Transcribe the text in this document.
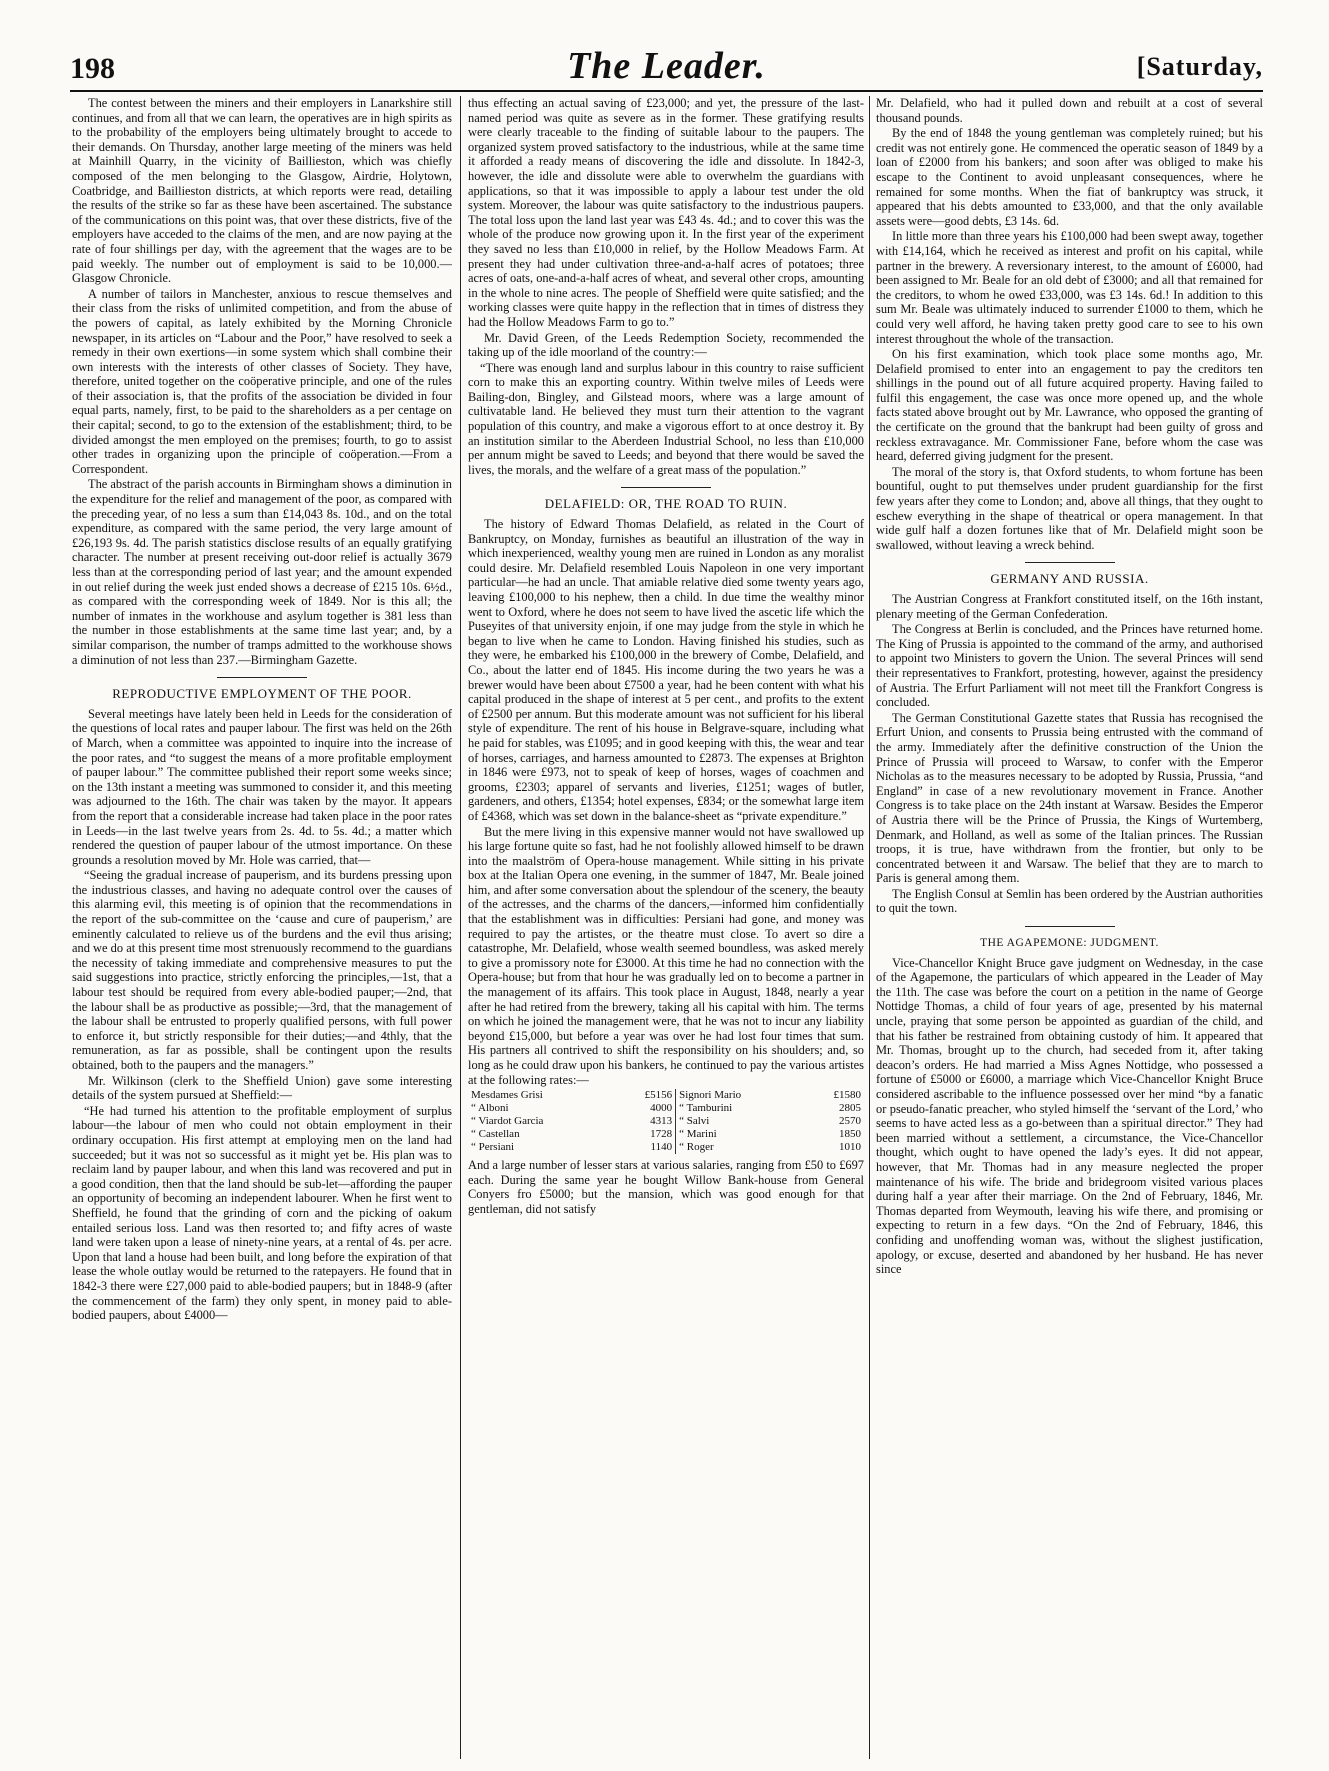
198	The Leader.	[Saturday,

The contest between the miners and their employers in Lanarkshire still continues, and from all that we can learn, the operatives are in high spirits as to the probability of the employers being ultimately brought to accede to their demands. On Thursday, another large meeting of the miners was held at Mainhill Quarry, in the vicinity of Baillieston, which was chiefly composed of the men belonging to the Glasgow, Airdrie, Holytown, Coatbridge, and Baillieston districts, at which reports were read, detailing the results of the strike so far as these have been ascertained. The substance of the communications on this point was, that over these districts, five of the employers have acceded to the claims of the men, and are now paying at the rate of four shillings per day, with the agreement that the wages are to be paid weekly. The number out of employment is said to be 10,000.—Glasgow Chronicle.

A number of tailors in Manchester, anxious to rescue themselves and their class from the risks of unlimited competition, and from the abuse of the powers of capital, as lately exhibited by the Morning Chronicle newspaper, in its articles on “Labour and the Poor,” have resolved to seek a remedy in their own exertions—in some system which shall combine their own interests with the interests of other classes of Society. They have, therefore, united together on the coöperative principle, and one of the rules of their association is, that the profits of the association be divided in four equal parts, namely, first, to be paid to the shareholders as a per centage on their capital; second, to go to the extension of the establishment; third, to be divided amongst the men employed on the premises; fourth, to go to assist other trades in organizing upon the principle of coöperation.—From a Correspondent.

The abstract of the parish accounts in Birmingham shows a diminution in the expenditure for the relief and management of the poor, as compared with the preceding year, of no less a sum than £14,043 8s. 10d., and on the total expenditure, as compared with the same period, the very large amount of £26,193 9s. 4d. The parish statistics disclose results of an equally gratifying character. The number at present receiving out-door relief is actually 3679 less than at the corresponding period of last year; and the amount expended in out relief during the week just ended shows a decrease of £215 10s. 6½d., as compared with the corresponding week of 1849. Nor is this all; the number of inmates in the workhouse and asylum together is 381 less than the number in those establishments at the same time last year; and, by a similar comparison, the number of tramps admitted to the workhouse shows a diminution of not less than 237.—Birmingham Gazette.

REPRODUCTIVE EMPLOYMENT OF THE POOR.

Several meetings have lately been held in Leeds for the consideration of the questions of local rates and pauper labour. The first was held on the 26th of March, when a committee was appointed to inquire into the increase of the poor rates, and “to suggest the means of a more profitable employment of pauper labour.” The committee published their report some weeks since; on the 13th instant a meeting was summoned to consider it, and this meeting was adjourned to the 16th. The chair was taken by the mayor. It appears from the report that a considerable increase had taken place in the poor rates in Leeds—in the last twelve years from 2s. 4d. to 5s. 4d.; a matter which rendered the question of pauper labour of the utmost importance. On these grounds a resolution moved by Mr. Hole was carried, that—

“Seeing the gradual increase of pauperism, and its burdens pressing upon the industrious classes, and having no adequate control over the causes of this alarming evil, this meeting is of opinion that the recommendations in the report of the sub-committee on the ‘cause and cure of pauperism,’ are eminently calculated to relieve us of the burdens and the evil thus arising; and we do at this present time most strenuously recommend to the guardians the necessity of taking immediate and comprehensive measures to put the said suggestions into practice, strictly enforcing the principles,—1st, that a labour test should be required from every able-bodied pauper;—2nd, that the labour shall be as productive as possible;—3rd, that the management of the labour shall be entrusted to properly qualified persons, with full power to enforce it, but strictly responsible for their duties;—and 4thly, that the remuneration, as far as possible, shall be contingent upon the results obtained, both to the paupers and the managers.”

Mr. Wilkinson (clerk to the Sheffield Union) gave some interesting details of the system pursued at Sheffield:—

“He had turned his attention to the profitable employment of surplus labour—the labour of men who could not obtain employment in their ordinary occupation. His first attempt at employing men on the land had succeeded; but it was not so successful as it might yet be. His plan was to reclaim land by pauper labour, and when this land was recovered and put in a good condition, then that the land should be sub-let—affording the pauper an opportunity of becoming an independent labourer. When he first went to Sheffield, he found that the grinding of corn and the picking of oakum entailed serious loss. Land was then resorted to; and fifty acres of waste land were taken upon a lease of ninety-nine years, at a rental of 4s. per acre. Upon that land a house had been built, and long before the expiration of that lease the whole outlay would be returned to the ratepayers. He found that in 1842-3 there were £27,000 paid to able-bodied paupers; but in 1848-9 (after the commencement of the farm) they only spent, in money paid to able-bodied paupers, about £4000—

thus effecting an actual saving of £23,000; and yet, the pressure of the last-named period was quite as severe as in the former. These gratifying results were clearly traceable to the finding of suitable labour to the paupers. The organized system proved satisfactory to the industrious, while at the same time it afforded a ready means of discovering the idle and dissolute. In 1842-3, however, the idle and dissolute were able to overwhelm the guardians with applications, so that it was impossible to apply a labour test under the old system. Moreover, the labour was quite satisfactory to the industrious paupers. The total loss upon the land last year was £43 4s. 4d.; and to cover this was the whole of the produce now growing upon it. In the first year of the experiment they saved no less than £10,000 in relief, by the Hollow Meadows Farm. At present they had under cultivation three-and-a-half acres of potatoes; three acres of oats, one-and-a-half acres of wheat, and several other crops, amounting in the whole to nine acres. The people of Sheffield were quite satisfied; and the working classes were quite happy in the reflection that in times of distress they had the Hollow Meadows Farm to go to.”

Mr. David Green, of the Leeds Redemption Society, recommended the taking up of the idle moorland of the country:—

“There was enough land and surplus labour in this country to raise sufficient corn to make this an exporting country. Within twelve miles of Leeds were Bailing-don, Bingley, and Gilstead moors, where was a large amount of cultivatable land. He believed they must turn their attention to the vagrant population of this country, and make a vigorous effort to at once destroy it. By an institution similar to the Aberdeen Industrial School, no less than £10,000 per annum might be saved to Leeds; and beyond that there would be saved the lives, the morals, and the welfare of a great mass of the population.”

DELAFIELD: OR, THE ROAD TO RUIN.

The history of Edward Thomas Delafield, as related in the Court of Bankruptcy, on Monday, furnishes as beautiful an illustration of the way in which inexperienced, wealthy young men are ruined in London as any moralist could desire. Mr. Delafield resembled Louis Napoleon in one very important particular—he had an uncle. That amiable relative died some twenty years ago, leaving £100,000 to his nephew, then a child. In due time the wealthy minor went to Oxford, where he does not seem to have lived the ascetic life which the Puseyites of that university enjoin, if one may judge from the style in which he began to live when he came to London. Having finished his studies, such as they were, he embarked his £100,000 in the brewery of Combe, Delafield, and Co., about the latter end of 1845. His income during the two years he was a brewer would have been about £7500 a year, had he been content with what his capital produced in the shape of interest at 5 per cent., and profits to the extent of £2500 per annum. But this moderate amount was not sufficient for his liberal style of expenditure. The rent of his house in Belgrave-square, including what he paid for stables, was £1095; and in good keeping with this, the wear and tear of horses, carriages, and harness amounted to £2873. The expenses at Brighton in 1846 were £973, not to speak of keep of horses, wages of coachmen and grooms, £2303; apparel of servants and liveries, £1251; wages of butler, gardeners, and others, £1354; hotel expenses, £834; or the somewhat large item of £4368, which was set down in the balance-sheet as “private expenditure.”

But the mere living in this expensive manner would not have swallowed up his large fortune quite so fast, had he not foolishly allowed himself to be drawn into the maalström of Opera-house management. While sitting in his private box at the Italian Opera one evening, in the summer of 1847, Mr. Beale joined him, and after some conversation about the splendour of the scenery, the beauty of the actresses, and the charms of the dancers,—informed him confidentially that the establishment was in difficulties: Persiani had gone, and money was required to pay the artistes, or the theatre must close. To avert so dire a catastrophe, Mr. Delafield, whose wealth seemed boundless, was asked merely to give a promissory note for £3000. At this time he had no connection with the Opera-house; but from that hour he was gradually led on to become a partner in the management of its affairs. This took place in August, 1848, nearly a year after he had retired from the brewery, taking all his capital with him. The terms on which he joined the management were, that he was not to incur any liability beyond £15,000, but before a year was over he had lost four times that sum. His partners all contrived to shift the responsibility on his shoulders; and, so long as he could draw upon his bankers, he continued to pay the various artistes at the following rates:—

Mesdames Grisi	£5156	Signori Mario	£1580
“ Alboni	4000	“ Tamburini	2805
“ Viardot Garcia	4313	“ Salvi	2570
“ Castellan	1728	“ Marini	1850
“ Persiani	1140	“ Roger	1010

And a large number of lesser stars at various salaries, ranging from £50 to £697 each. During the same year he bought Willow Bank-house from General Conyers fro £5000; but the mansion, which was good enough for that gentleman, did not satisfy

Mr. Delafield, who had it pulled down and rebuilt at a cost of several thousand pounds.

By the end of 1848 the young gentleman was completely ruined; but his credit was not entirely gone. He commenced the operatic season of 1849 by a loan of £2000 from his bankers; and soon after was obliged to make his escape to the Continent to avoid unpleasant consequences, where he remained for some months. When the fiat of bankruptcy was struck, it appeared that his debts amounted to £33,000, and that the only available assets were—good debts, £3 14s. 6d.

In little more than three years his £100,000 had been swept away, together with £14,164, which he received as interest and profit on his capital, while partner in the brewery. A reversionary interest, to the amount of £6000, had been assigned to Mr. Beale for an old debt of £3000; and all that remained for the creditors, to whom he owed £33,000, was £3 14s. 6d.! In addition to this sum Mr. Beale was ultimately induced to surrender £1000 to them, which he could very well afford, he having taken pretty good care to see to his own interest throughout the whole of the transaction.

On his first examination, which took place some months ago, Mr. Delafield promised to enter into an engagement to pay the creditors ten shillings in the pound out of all future acquired property. Having failed to fulfil this engagement, the case was once more opened up, and the whole facts stated above brought out by Mr. Lawrance, who opposed the granting of the certificate on the ground that the bankrupt had been guilty of gross and reckless extravagance. Mr. Commissioner Fane, before whom the case was heard, deferred giving judgment for the present.

The moral of the story is, that Oxford students, to whom fortune has been bountiful, ought to put themselves under prudent guardianship for the first few years after they come to London; and, above all things, that they ought to eschew everything in the shape of theatrical or opera management. In that wide gulf half a dozen fortunes like that of Mr. Delafield might soon be swallowed, without leaving a wreck behind.

GERMANY AND RUSSIA.

The Austrian Congress at Frankfort constituted itself, on the 16th instant, plenary meeting of the German Confederation.

The Congress at Berlin is concluded, and the Princes have returned home. The King of Prussia is appointed to the command of the army, and authorised to appoint two Ministers to govern the Union. The several Princes will send their representatives to Frankfort, protesting, however, against the presidency of Austria. The Erfurt Parliament will not meet till the Frankfort Congress is concluded.

The German Constitutional Gazette states that Russia has recognised the Erfurt Union, and consents to Prussia being entrusted with the command of the army. Immediately after the definitive construction of the Union the Prince of Prussia will proceed to Warsaw, to confer with the Emperor Nicholas as to the measures necessary to be adopted by Russia, Prussia, “and England” in case of a new revolutionary movement in France. Another Congress is to take place on the 24th instant at Warsaw. Besides the Emperor of Austria there will be the Prince of Prussia, the Kings of Wurtemberg, Denmark, and Holland, as well as some of the Italian princes. The Russian troops, it is true, have withdrawn from the frontier, but only to be concentrated between it and Warsaw. The belief that they are to march to Paris is general among them.

The English Consul at Semlin has been ordered by the Austrian authorities to quit the town.

THE AGAPEMONE: JUDGMENT.

Vice-Chancellor Knight Bruce gave judgment on Wednesday, in the case of the Agapemone, the particulars of which appeared in the Leader of May the 11th. The case was before the court on a petition in the name of George Nottidge Thomas, a child of four years of age, presented by his maternal uncle, praying that some person be appointed as guardian of the child, and that his father be restrained from obtaining custody of him. It appeared that Mr. Thomas, brought up to the church, had seceded from it, after taking deacon’s orders. He had married a Miss Agnes Nottidge, who possessed a fortune of £5000 or £6000, a marriage which Vice-Chancellor Knight Bruce considered ascribable to the influence possessed over her mind “by a fanatic or pseudo-fanatic preacher, who styled himself the ‘servant of the Lord,’ who seems to have acted less as a go-between than a spiritual director.” They had been married without a settlement, a circumstance, the Vice-Chancellor thought, which ought to have opened the lady’s eyes. It did not appear, however, that Mr. Thomas had in any measure neglected the proper maintenance of his wife. The bride and bridegroom visited various places during half a year after their marriage. On the 2nd of February, 1846, Mr. Thomas departed from Weymouth, leaving his wife there, and promising or expecting to return in a few days. “On the 2nd of February, 1846, this confiding and unoffending woman was, without the slighest justification, apology, or excuse, deserted and abandoned by her husband. He has never since
